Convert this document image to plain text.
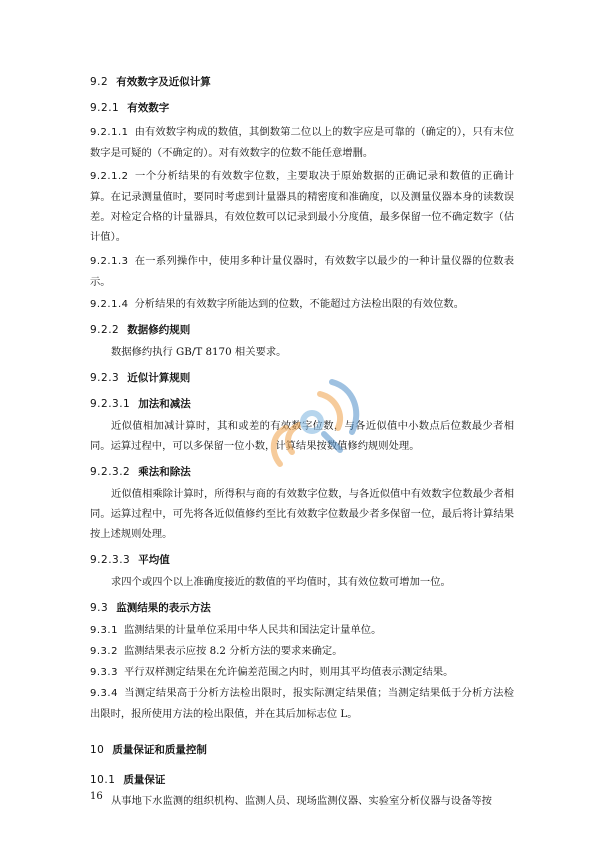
9.2 有效数字及近似计算
9.2.1 有效数字

9.2.1.1 由有效数字构成的数值，其倒数第二位以上的数字应是可靠的（确定的），只有末位数字是可疑的（不确定的）。对有效数字的位数不能任意增删。

9.2.1.2 一个分析结果的有效数字位数，主要取决于原始数据的正确记录和数值的正确计算。在记录测量值时，要同时考虑到计量器具的精密度和准确度，以及测量仪器本身的读数误差。对检定合格的计量器具，有效位数可以记录到最小分度值，最多保留一位不确定数字（估计值）。

9.2.1.3 在一系列操作中，使用多种计量仪器时，有效数字以最少的一种计量仪器的位数表示。

9.2.1.4 分析结果的有效数字所能达到的位数，不能超过方法检出限的有效位数。

9.2.2 数据修约规则

数据修约执行 GB/T 8170 相关要求。

9.2.3 近似计算规则
9.2.3.1 加法和减法

近似值相加减计算时，其和或差的有效数字位数，与各近似值中小数点后位数最少者相同。运算过程中，可以多保留一位小数，计算结果按数值修约规则处理。

9.2.3.2 乘法和除法

近似值相乘除计算时，所得积与商的有效数字位数，与各近似值中有效数字位数最少者相同。运算过程中，可先将各近似值修约至比有效数字位数最少者多保留一位，最后将计算结果按上述规则处理。

9.2.3.3 平均值

求四个或四个以上准确度接近的数值的平均值时，其有效位数可增加一位。

9.3 监测结果的表示方法

9.3.1 监测结果的计量单位采用中华人民共和国法定计量单位。

9.3.2 监测结果表示应按 8.2 分析方法的要求来确定。

9.3.3 平行双样测定结果在允许偏差范围之内时，则用其平均值表示测定结果。

9.3.4 当测定结果高于分析方法检出限时，报实际测定结果值；当测定结果低于分析方法检出限时，报所使用方法的检出限值，并在其后加标志位 L。

10 质量保证和质量控制
10.1 质量保证

从事地下水监测的组织机构、监测人员、现场监测仪器、实验室分析仪器与设备等按

16
